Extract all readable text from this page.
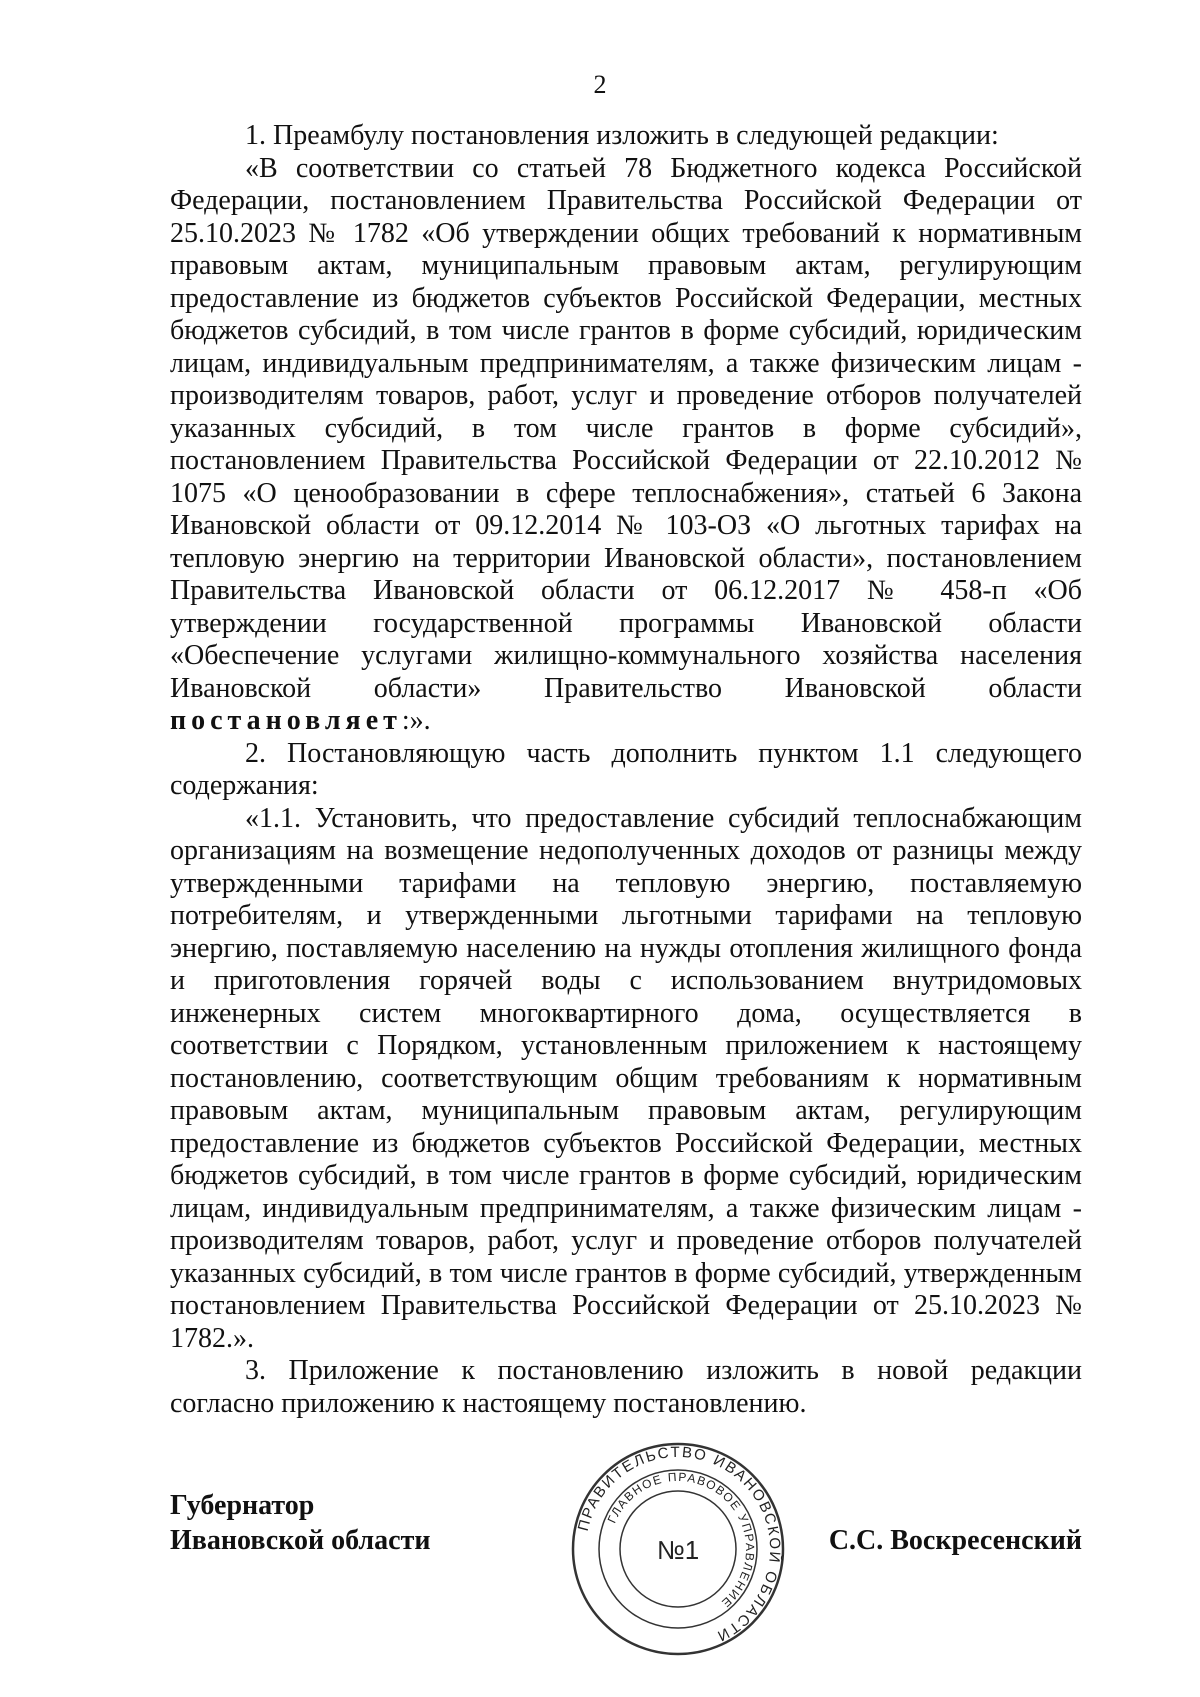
2

1. Преамбулу постановления изложить в следующей редакции:

«В соответствии со статьей 78 Бюджетного кодекса Российской Федерации, постановлением Правительства Российской Федерации от 25.10.2023 № 1782 «Об утверждении общих требований к нормативным правовым актам, муниципальным правовым актам, регулирующим предоставление из бюджетов субъектов Российской Федерации, местных бюджетов субсидий, в том числе грантов в форме субсидий, юридическим лицам, индивидуальным предпринимателям, а также физическим лицам - производителям товаров, работ, услуг и проведение отборов получателей указанных субсидий, в том числе грантов в форме субсидий», постановлением Правительства Российской Федерации от 22.10.2012 № 1075 «О ценообразовании в сфере теплоснабжения», статьей 6 Закона Ивановской области от 09.12.2014 № 103-ОЗ «О льготных тарифах на тепловую энергию на территории Ивановской области», постановлением Правительства Ивановской области от 06.12.2017 № 458-п «Об утверждении государственной программы Ивановской области «Обеспечение услугами жилищно-коммунального хозяйства населения Ивановской области» Правительство Ивановской области постановляет:».

2. Постановляющую часть дополнить пунктом 1.1 следующего содержания:

«1.1. Установить, что предоставление субсидий теплоснабжающим организациям на возмещение недополученных доходов от разницы между утвержденными тарифами на тепловую энергию, поставляемую потребителям, и утвержденными льготными тарифами на тепловую энергию, поставляемую населению на нужды отопления жилищного фонда и приготовления горячей воды с использованием внутридомовых инженерных систем многоквартирного дома, осуществляется в соответствии с Порядком, установленным приложением к настоящему постановлению, соответствующим общим требованиям к нормативным правовым актам, муниципальным правовым актам, регулирующим предоставление из бюджетов субъектов Российской Федерации, местных бюджетов субсидий, в том числе грантов в форме субсидий, юридическим лицам, индивидуальным предпринимателям, а также физическим лицам - производителям товаров, работ, услуг и проведение отборов получателей указанных субсидий, в том числе грантов в форме субсидий, утвержденным постановлением Правительства Российской Федерации от 25.10.2023 № 1782.».

3. Приложение к постановлению изложить в новой редакции согласно приложению к настоящему постановлению.

Губернатор
Ивановской области
ПРАВИТЕЛЬСТВО ИВАНОВСКОЙ ОБЛАСТИ
ГЛАВНОЕ ПРАВОВОЕ УПРАВЛЕНИЕ
№1	С.С. Воскресенский
